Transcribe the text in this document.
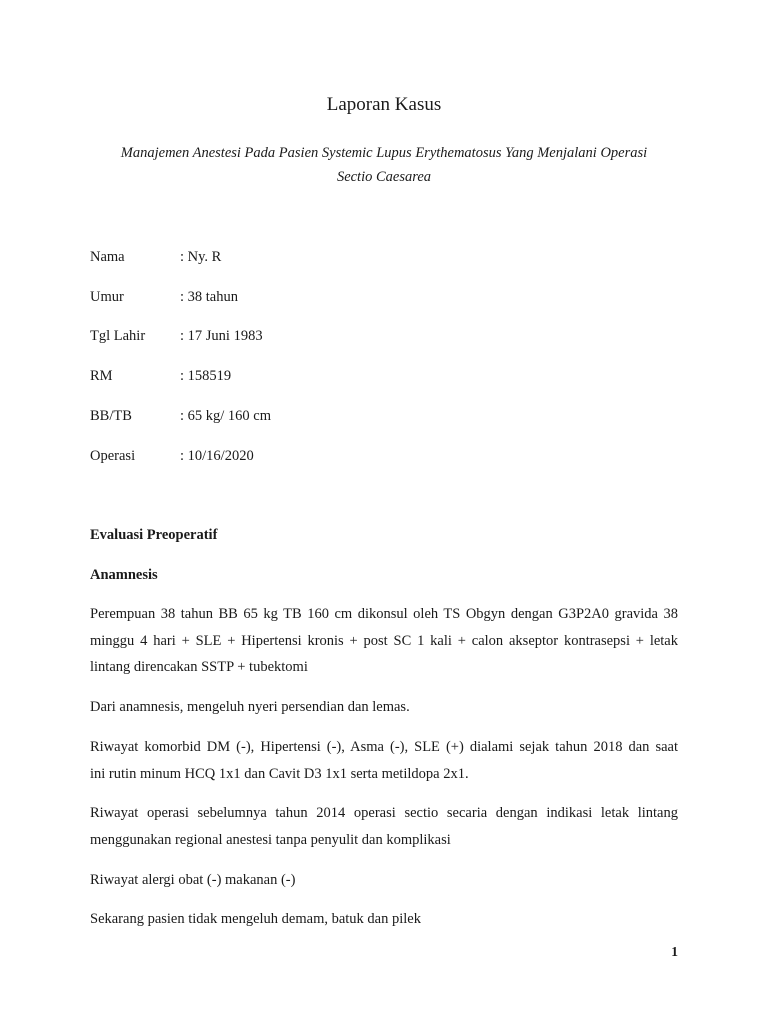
Laporan Kasus
Manajemen Anestesi Pada Pasien Systemic Lupus Erythematosus Yang Menjalani Operasi
Sectio Caesarea
Nama	: Ny. R
Umur	: 38 tahun
Tgl Lahir : 17 Juni 1983
RM	: 158519
BB/TB	: 65 kg/ 160 cm
Operasi	: 10/16/2020
Evaluasi Preoperatif
Anamnesis
Perempuan 38 tahun BB 65 kg TB 160 cm dikonsul oleh TS Obgyn dengan G3P2A0 gravida 38
minggu 4 hari + SLE + Hipertensi kronis + post SC 1 kali + calon akseptor kontrasepsi + letak
lintang direncakan SSTP + tubektomi
Dari anamnesis, mengeluh nyeri persendian dan lemas.
Riwayat komorbid DM (-), Hipertensi (-), Asma (-), SLE (+) dialami sejak tahun 2018 dan saat
ini rutin minum HCQ 1x1 dan Cavit D3 1x1 serta metildopa 2x1.
Riwayat operasi sebelumnya tahun 2014 operasi sectio secaria dengan indikasi letak lintang
menggunakan regional anestesi tanpa penyulit dan komplikasi
Riwayat alergi obat (-) makanan (-)
Sekarang pasien tidak mengeluh demam, batuk dan pilek
1
